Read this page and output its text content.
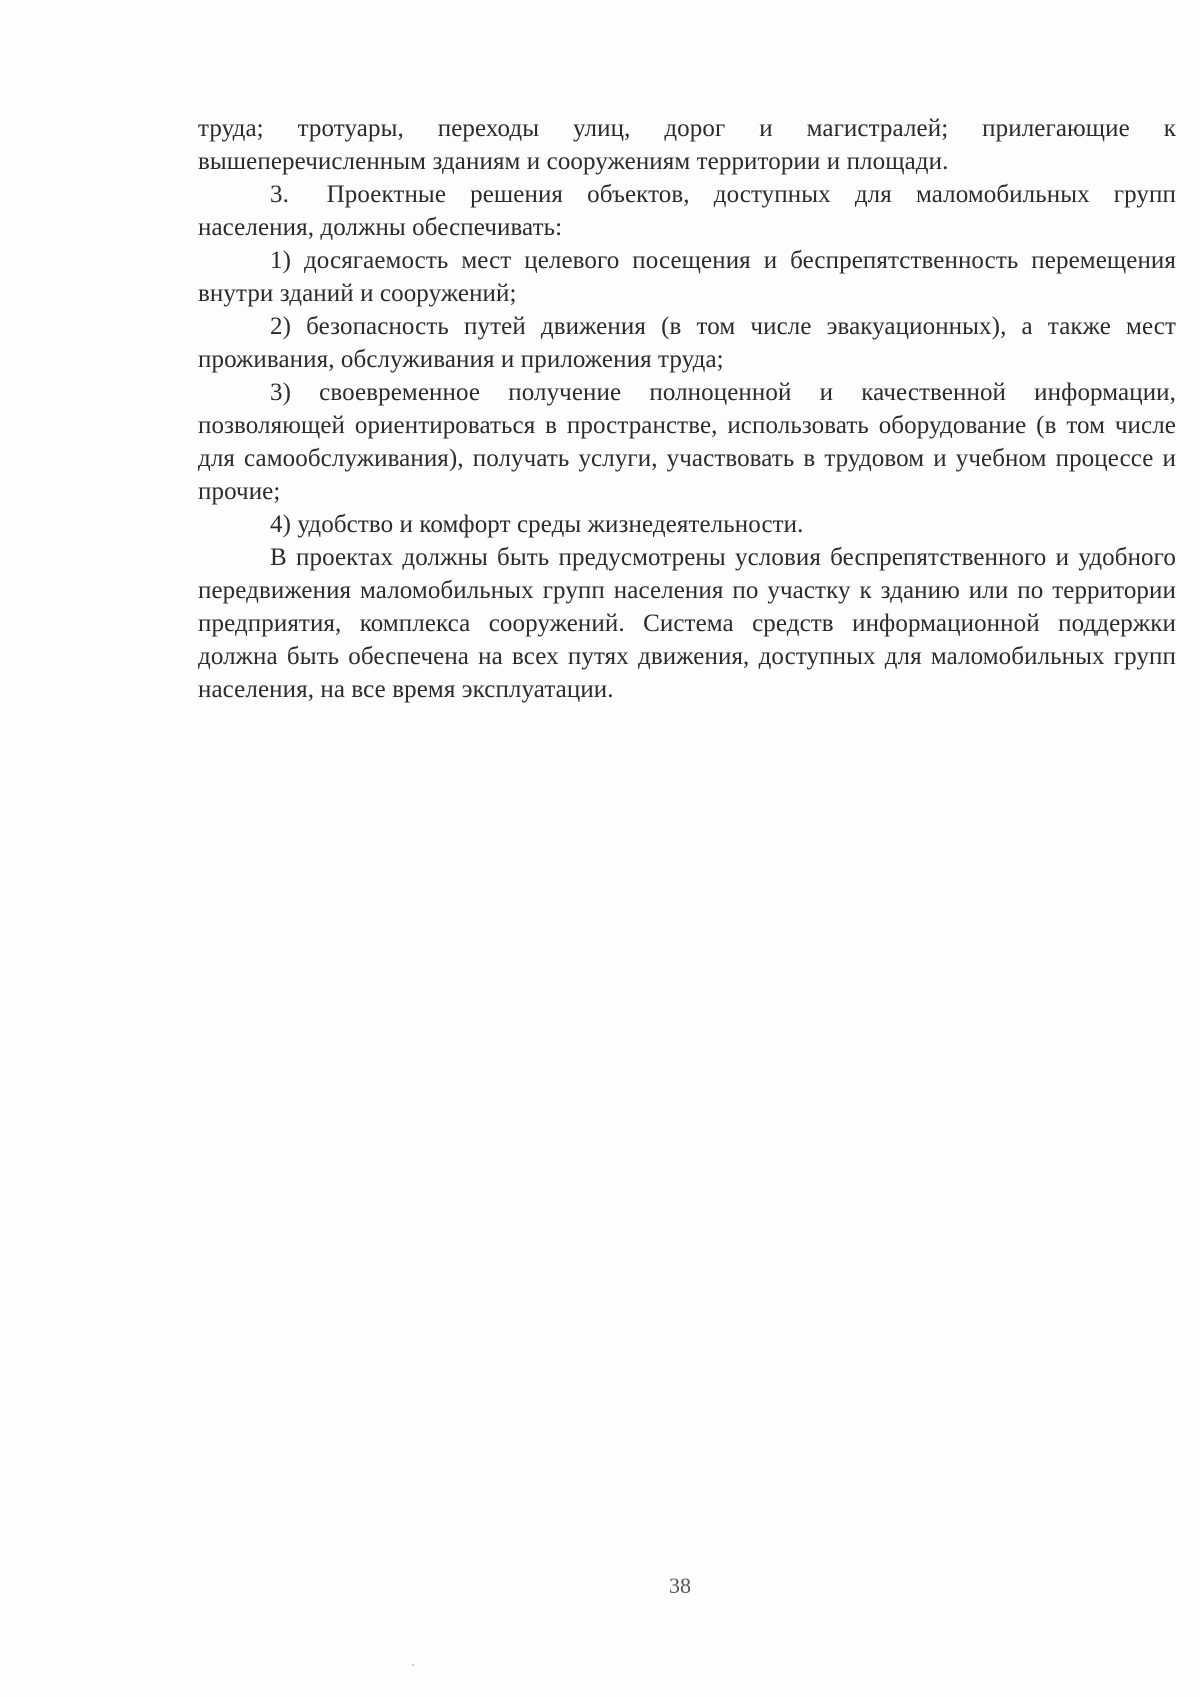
труда; тротуары, переходы улиц, дорог и магистралей; прилегающие к вышеперечисленным зданиям и сооружениям территории и площади.

3.  Проектные решения объектов, доступных для маломобильных групп населения, должны обеспечивать:

1) досягаемость мест целевого посещения и беспрепятственность перемещения внутри зданий и сооружений;

2) безопасность путей движения (в том числе эвакуационных), а также мест проживания, обслуживания и приложения труда;

3) своевременное получение полноценной и качественной информации, позволяющей ориентироваться в пространстве, использовать оборудование (в том числе для самообслуживания), получать услуги, участвовать в трудовом и учебном процессе и прочие;

4) удобство и комфорт среды жизнедеятельности.

В проектах должны быть предусмотрены условия беспрепятственного и удобного передвижения маломобильных групп населения по участку к зданию или по территории предприятия, комплекса сооружений. Система средств информационной поддержки должна быть обеспечена на всех путях движения, доступных для маломобильных групп населения, на все время эксплуатации.

38
